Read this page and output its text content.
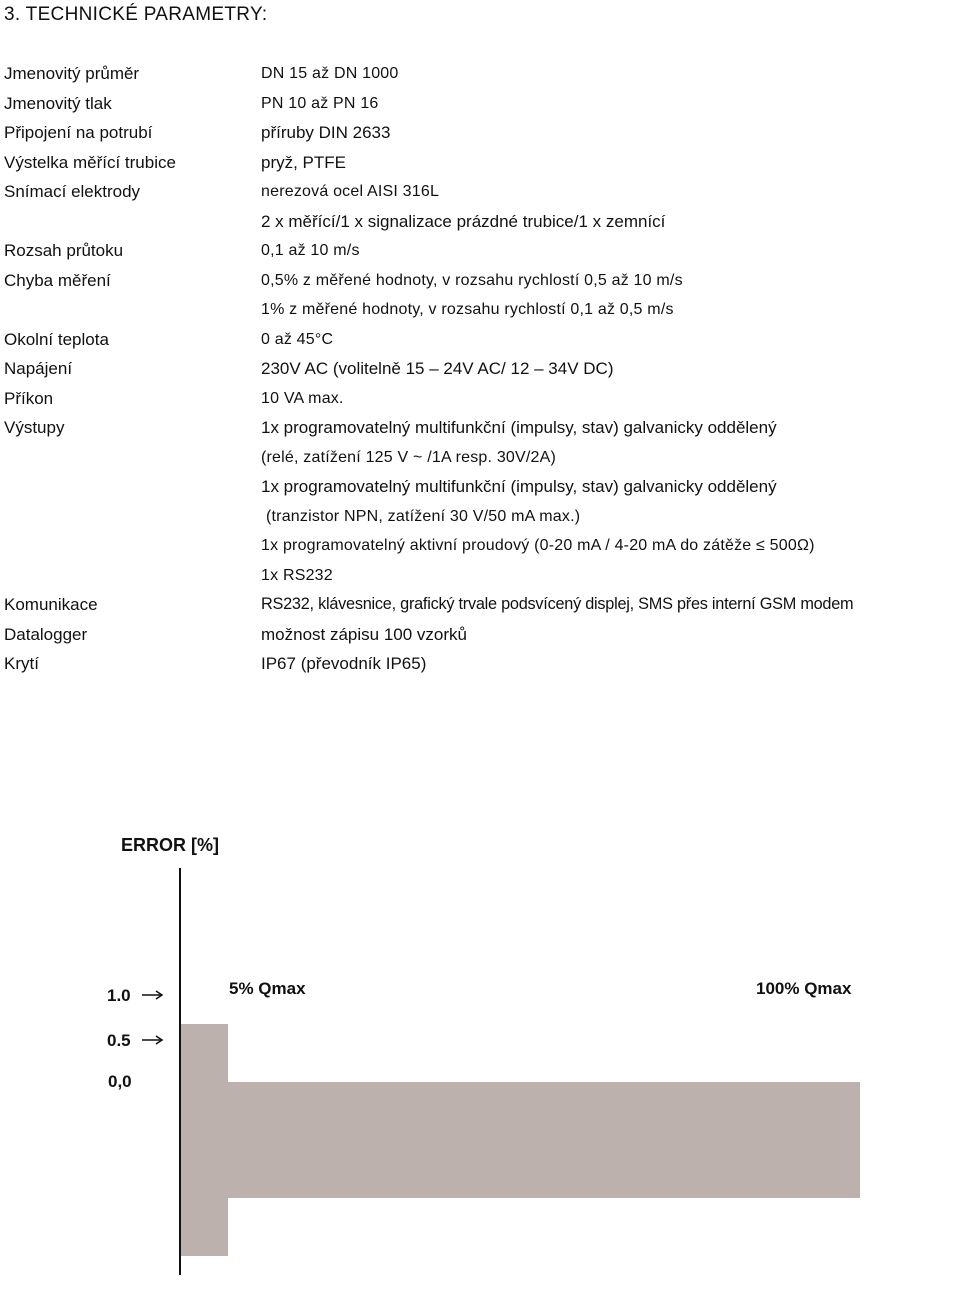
3. TECHNICKÉ PARAMETRY:
Jmenovitý průměr	DN 15 až DN 1000
Jmenovitý tlak	PN 10 až PN 16
Připojení na potrubí	příruby DIN 2633
Výstelka měřící trubice	pryž, PTFE
Snímací elektrody	nerezová ocel AISI 316L
2 x měřící/1 x signalizace prázdné trubice/1 x zemnící
Rozsah průtoku	0,1 až 10 m/s
Chyba měření	0,5% z měřené hodnoty, v rozsahu rychlostí 0,5 až 10 m/s
1% z měřené hodnoty, v rozsahu rychlostí 0,1 až 0,5 m/s
Okolní teplota	0 až 45°C
Napájení	230V AC (volitelně 15 – 24V AC/ 12 – 34V DC)
Příkon	10 VA max.
Výstupy	1x programovatelný multifunkční (impulsy, stav) galvanicky oddělený
(relé, zatížení 125 V ~ /1A resp. 30V/2A)
1x programovatelný multifunkční (impulsy, stav) galvanicky oddělený
(tranzistor NPN, zatížení 30 V/50 mA max.)
1x programovatelný aktivní proudový (0-20 mA / 4-20 mA do zátěže ≤ 500Ω)
1x RS232
Komunikace	RS232, klávesnice, grafický trvale podsvícený displej, SMS přes interní GSM modem
Datalogger	možnost zápisu 100 vzorků
Krytí	IP67 (převodník IP65)
ERROR [%]
1.0
0.5
0,0
5% Qmax	100% Qmax
